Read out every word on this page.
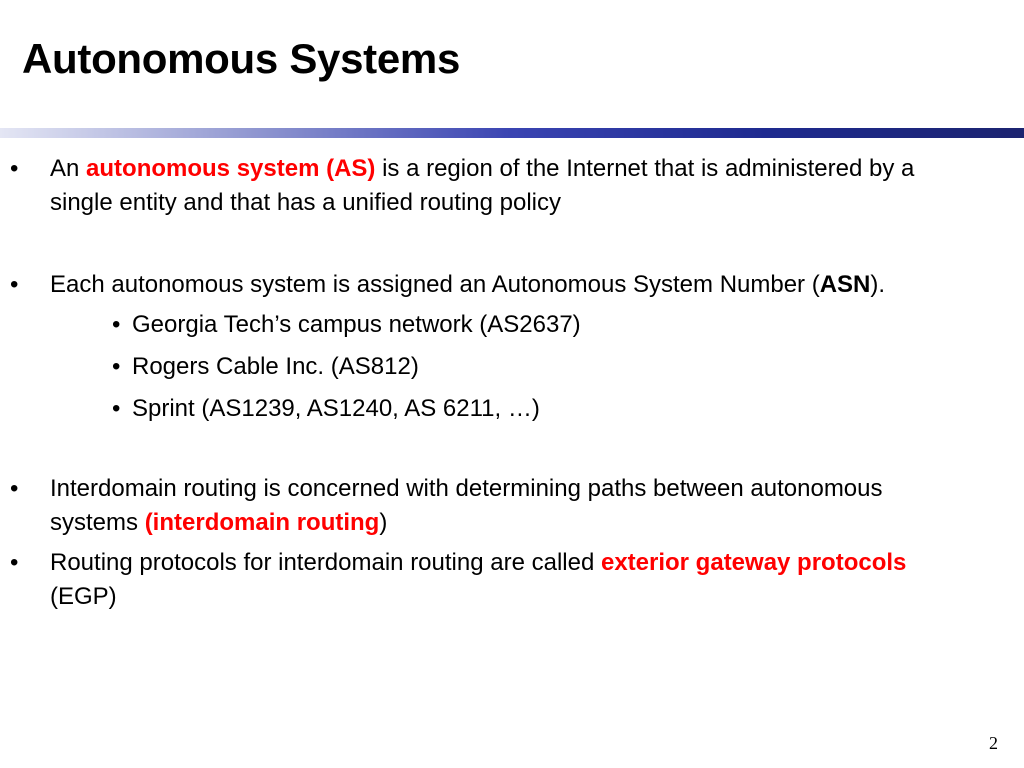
Autonomous Systems
• An autonomous system (AS) is a region of the Internet that is administered by a single entity and that has a unified routing policy
• Each autonomous system is assigned an Autonomous System Number (ASN).
• Georgia Tech’s campus network (AS2637)
• Rogers Cable Inc. (AS812)
• Sprint (AS1239, AS1240, AS 6211, …)
• Interdomain routing is concerned with determining paths between autonomous systems (interdomain routing)
• Routing protocols for interdomain routing are called exterior gateway protocols (EGP)
2
